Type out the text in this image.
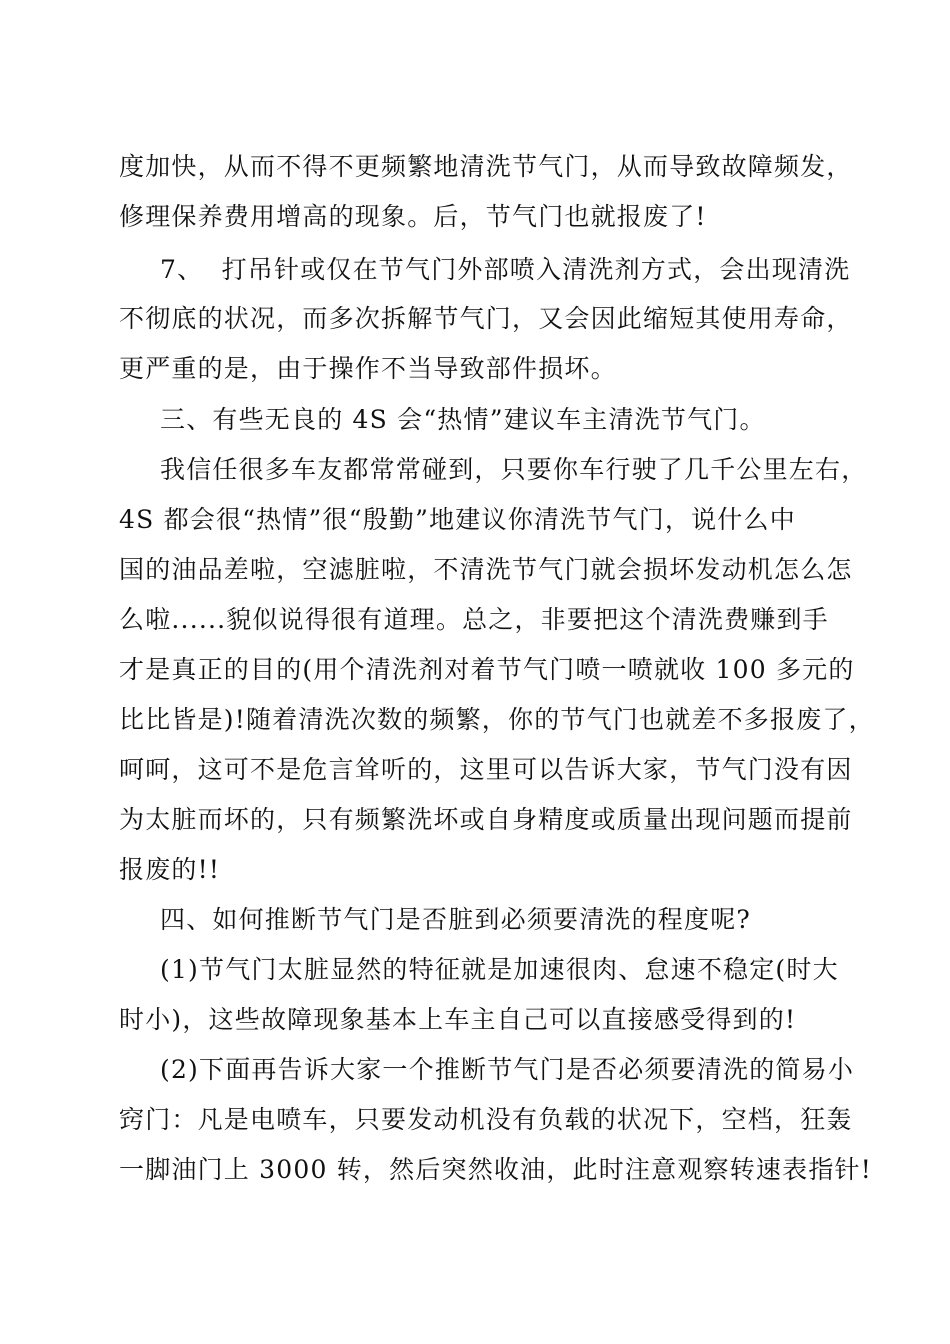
度加快，从而不得不更频繁地清洗节气门，从而导致故障频发，
修理保养费用增高的现象。后，节气门也就报废了!
7、  打吊针或仅在节气门外部喷入清洗剂方式，会出现清洗
不彻底的状况，而多次拆解节气门，又会因此缩短其使用寿命，
更严重的是，由于操作不当导致部件损坏。
三、有些无良的 4S 会“热情”建议车主清洗节气门。
我信任很多车友都常常碰到，只要你车行驶了几千公里左右，
4S 都会很“热情”很“殷勤”地建议你清洗节气门，说什么中
国的油品差啦，空滤脏啦，不清洗节气门就会损坏发动机怎么怎
么啦......貌似说得很有道理。总之，非要把这个清洗费赚到手
才是真正的目的(用个清洗剂对着节气门喷一喷就收 100 多元的
比比皆是)!随着清洗次数的频繁，你的节气门也就差不多报废了，
呵呵，这可不是危言耸听的，这里可以告诉大家，节气门没有因
为太脏而坏的，只有频繁洗坏或自身精度或质量出现问题而提前
报废的!!
四、如何推断节气门是否脏到必须要清洗的程度呢?
(1)节气门太脏显然的特征就是加速很肉、怠速不稳定(时大
时小)，这些故障现象基本上车主自己可以直接感受得到的!
(2)下面再告诉大家一个推断节气门是否必须要清洗的简易小
窍门：凡是电喷车，只要发动机没有负载的状况下，空档，狂轰
一脚油门上 3000 转，然后突然收油，此时注意观察转速表指针!
